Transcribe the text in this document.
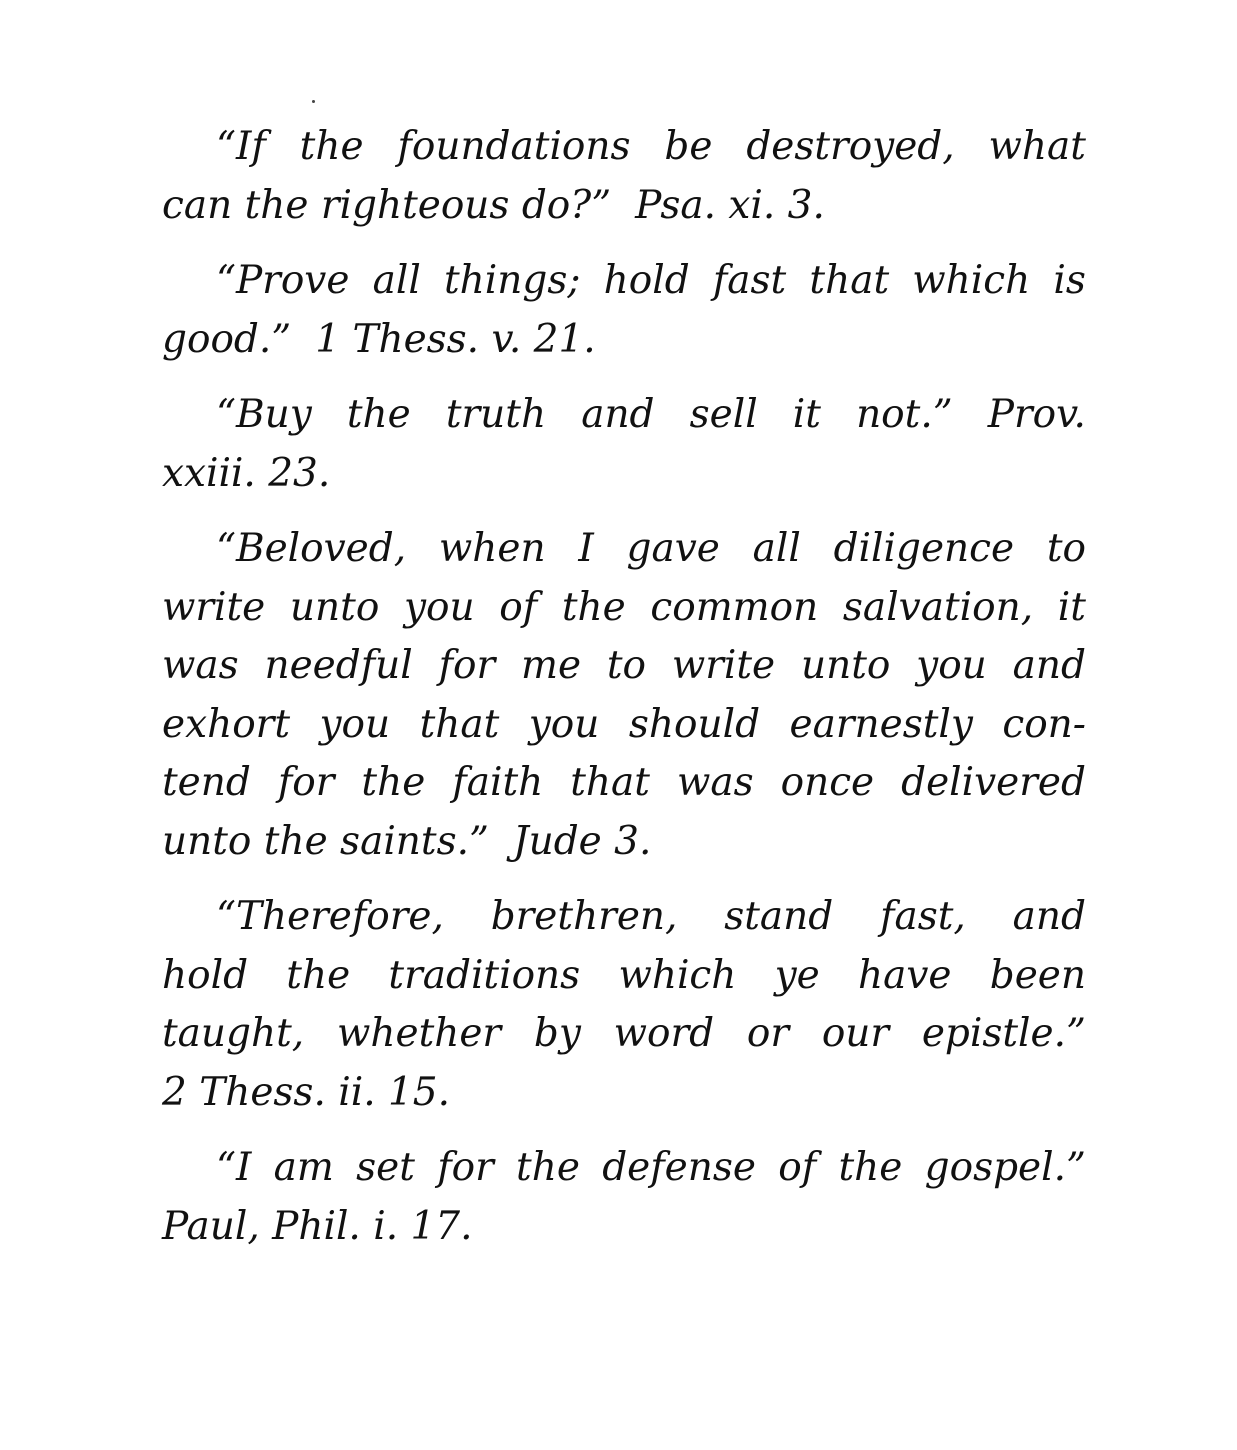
“If the foundations be destroyed, what
can the righteous do?” Psa. xi. 3.
“Prove all things; hold fast that which is
good.” 1 Thess. v. 21.
“Buy the truth and sell it not.” Prov.
xxiii. 23.
“Beloved, when I gave all diligence to
write unto you of the common salvation, it
was needful for me to write unto you and
exhort you that you should earnestly con-
tend for the faith that was once delivered
unto the saints.” Jude 3.
“Therefore, brethren, stand fast, and
hold the traditions which ye have been
taught, whether by word or our epistle.”
2 Thess. ii. 15.
“I am set for the defense of the gospel.”
Paul, Phil. i. 17.
